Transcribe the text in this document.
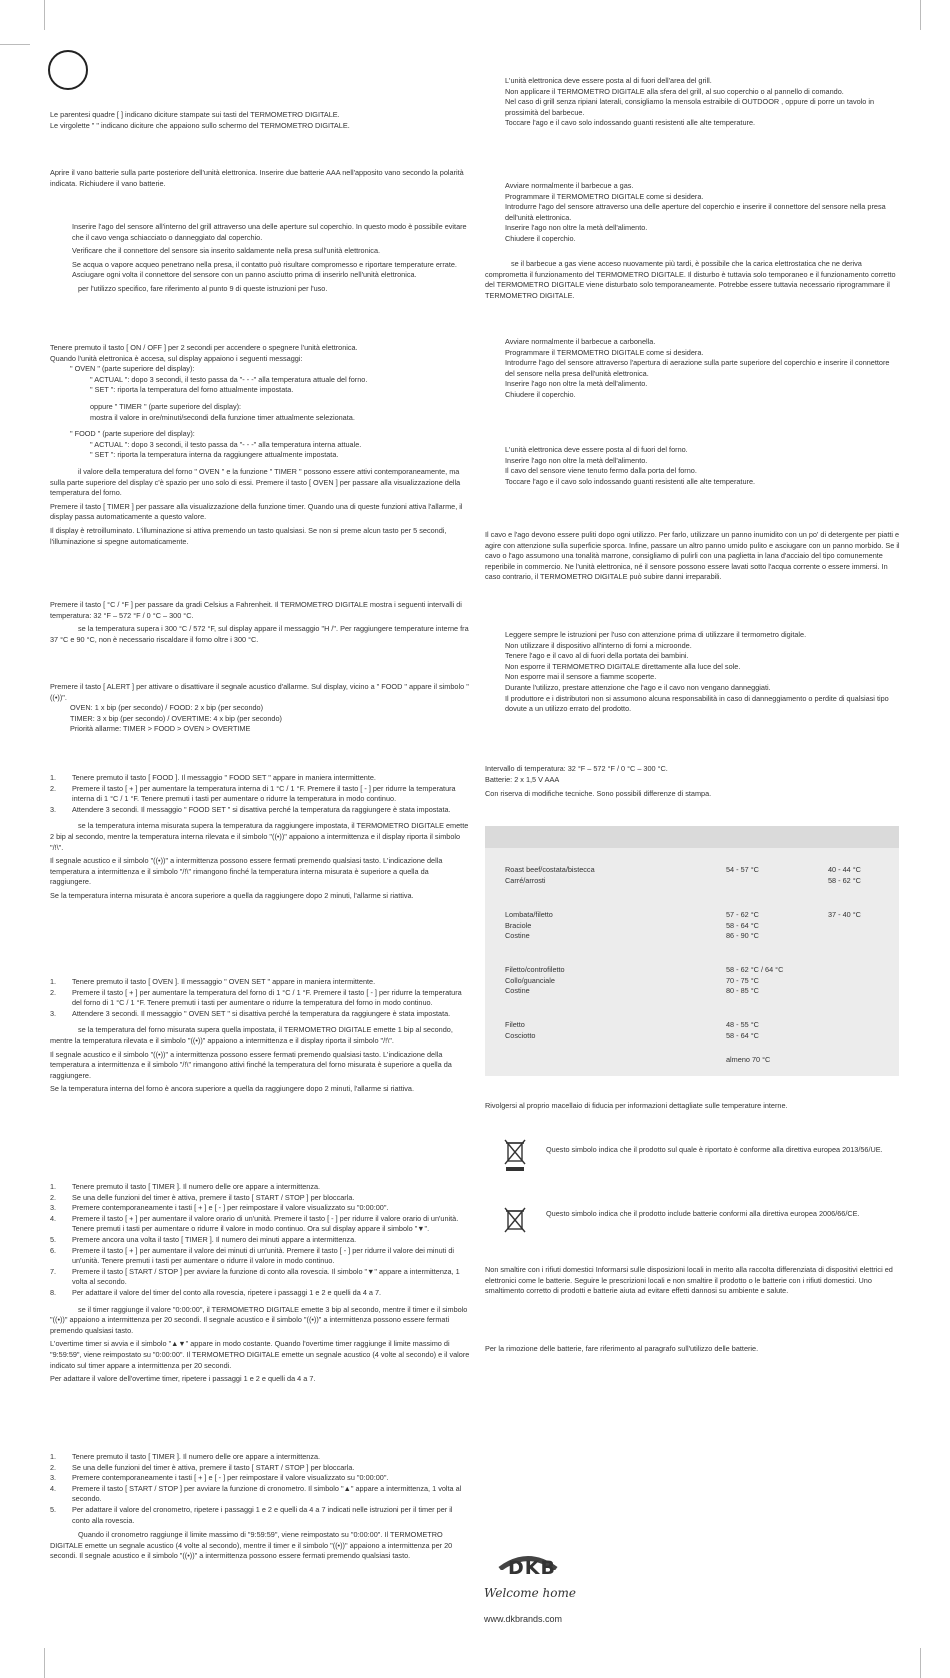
Le parentesi quadre [ ] indicano diciture stampate sui tasti del TERMOMETRO DIGITALE.

Le virgolette " " indicano diciture che appaiono sullo schermo del TERMOMETRO DIGITALE.

Aprire il vano batterie sulla parte posteriore dell'unità elettronica. Inserire due batterie AAA nell'apposito vano secondo la polarità indicata. Richiudere il vano batterie.

Inserire l'ago del sensore all'interno del grill attraverso una delle aperture sul coperchio. In questo modo è possibile evitare che il cavo venga schiacciato o danneggiato dal coperchio.

Verificare che il connettore del sensore sia inserito saldamente nella presa sull'unità elettronica.

Se acqua o vapore acqueo penetrano nella presa, il contatto può risultare compromesso e riportare temperature errate. Asciugare ogni volta il connettore del sensore con un panno asciutto prima di inserirlo nell'unità elettronica.

per l'utilizzo specifico, fare riferimento al punto 9 di queste istruzioni per l'uso.

Tenere premuto il tasto [ ON / OFF ] per 2 secondi per accendere o spegnere l'unità elettronica.

Quando l'unità elettronica è accesa, sul display appaiono i seguenti messaggi:

" OVEN " (parte superiore del display):

" ACTUAL ": dopo 3 secondi, il testo passa da "- - -" alla temperatura attuale del forno.

" SET ": riporta la temperatura del forno attualmente impostata.

oppure " TIMER " (parte superiore del display):

mostra il valore in ore/minuti/secondi della funzione timer attualmente selezionata.

" FOOD " (parte superiore del display):

" ACTUAL ": dopo 3 secondi, il testo passa da "- - -" alla temperatura interna attuale.

" SET ": riporta la temperatura interna da raggiungere attualmente impostata.

il valore della temperatura del forno " OVEN " e la funzione " TIMER " possono essere attivi contemporaneamente, ma sulla parte superiore del display c'è spazio per uno solo di essi. Premere il tasto [ OVEN ] per passare alla visualizzazione della temperatura del forno.

Premere il tasto [ TIMER ] per passare alla visualizzazione della funzione timer. Quando una di queste funzioni attiva l'allarme, il display passa automaticamente a questo valore.

Il display è retroilluminato. L'illuminazione si attiva premendo un tasto qualsiasi. Se non si preme alcun tasto per 5 secondi, l'illuminazione si spegne automaticamente.

Premere il tasto [ °C / °F ] per passare da gradi Celsius a Fahrenheit. Il TERMOMETRO DIGITALE mostra i seguenti intervalli di temperatura: 32 °F – 572 °F / 0 °C – 300 °C.

se la temperatura supera i 300 °C / 572 °F, sul display appare il messaggio "H /". Per raggiungere temperature interne fra 37 °C e 90 °C, non è necessario riscaldare il forno oltre i 300 °C.

Premere il tasto [ ALERT ] per attivare o disattivare il segnale acustico d'allarme. Sul display, vicino a " FOOD " appare il simbolo "((•))".

OVEN: 1 x bip (per secondo) / FOOD: 2 x bip (per secondo)

TIMER: 3 x bip (per secondo) / OVERTIME: 4 x bip (per secondo)

Priorità allarme: TIMER > FOOD > OVEN > OVERTIME

1. Tenere premuto il tasto [ FOOD ]. Il messaggio " FOOD SET " appare in maniera intermittente.
2. Premere il tasto [ + ] per aumentare la temperatura interna di 1 °C / 1 °F. Premere il tasto [ - ] per ridurre la temperatura interna di 1 °C / 1 °F. Tenere premuti i tasti per aumentare o ridurre la temperatura in modo continuo.
3. Attendere 3 secondi. Il messaggio " FOOD SET " si disattiva perché la temperatura da raggiungere è stata impostata.

se la temperatura interna misurata supera la temperatura da raggiungere impostata, il TERMOMETRO DIGITALE emette 2 bip al secondo, mentre la temperatura interna rilevata e il simbolo "((•))" appaiono a intermittenza e il display riporta il simbolo "/!\".

Il segnale acustico e il simbolo "((•))" a intermittenza possono essere fermati premendo qualsiasi tasto. L'indicazione della temperatura a intermittenza e il simbolo "/!\" rimangono finché la temperatura interna misurata è superiore a quella da raggiungere.

Se la temperatura interna misurata è ancora superiore a quella da raggiungere dopo 2 minuti, l'allarme si riattiva.

1. Tenere premuto il tasto [ OVEN ]. Il messaggio " OVEN SET " appare in maniera intermittente.
2. Premere il tasto [ + ] per aumentare la temperatura del forno di 1 °C / 1 °F. Premere il tasto [ - ] per ridurre la temperatura del forno di 1 °C / 1 °F. Tenere premuti i tasti per aumentare o ridurre la temperatura del forno in modo continuo.
3. Attendere 3 secondi. Il messaggio " OVEN SET " si disattiva perché la temperatura da raggiungere è stata impostata.

se la temperatura del forno misurata supera quella impostata, il TERMOMETRO DIGITALE emette 1 bip al secondo, mentre la temperatura rilevata e il simbolo "((•))" appaiono a intermittenza e il display riporta il simbolo "/!\".

Il segnale acustico e il simbolo "((•))" a intermittenza possono essere fermati premendo qualsiasi tasto. L'indicazione della temperatura a intermittenza e il simbolo "/!\" rimangono attivi finché la temperatura del forno misurata è superiore a quella da raggiungere.

Se la temperatura interna del forno è ancora superiore a quella da raggiungere dopo 2 minuti, l'allarme si riattiva.

1. Tenere premuto il tasto [ TIMER ]. Il numero delle ore appare a intermittenza.
2. Se una delle funzioni del timer è attiva, premere il tasto [ START / STOP ] per bloccarla.
3. Premere contemporaneamente i tasti [ + ] e [ - ] per reimpostare il valore visualizzato su "0:00:00".
4. Premere il tasto [ + ] per aumentare il valore orario di un'unità. Premere il tasto [ - ] per ridurre il valore orario di un'unità. Tenere premuti i tasti per aumentare o ridurre il valore in modo continuo. Ora sul display appare il simbolo "▼".
5. Premere ancora una volta il tasto [ TIMER ]. Il numero dei minuti appare a intermittenza.
6. Premere il tasto [ + ] per aumentare il valore dei minuti di un'unità. Premere il tasto [ - ] per ridurre il valore dei minuti di un'unità. Tenere premuti i tasti per aumentare o ridurre il valore in modo continuo.
7. Premere il tasto [ START / STOP ] per avviare la funzione di conto alla rovescia. Il simbolo "▼" appare a intermittenza, 1 volta al secondo.
8. Per adattare il valore del timer del conto alla rovescia, ripetere i passaggi 1 e 2 e quelli da 4 a 7.

se il timer raggiunge il valore "0:00:00", il TERMOMETRO DIGITALE emette 3 bip al secondo, mentre il timer e il simbolo "((•))" appaiono a intermittenza per 20 secondi. Il segnale acustico e il simbolo "((•))" a intermittenza possono essere fermati premendo qualsiasi tasto.

L'overtime timer si avvia e il simbolo "▲▼" appare in modo costante. Quando l'overtime timer raggiunge il limite massimo di "9:59:59", viene reimpostato su "0:00:00". Il TERMOMETRO DIGITALE emette un segnale acustico (4 volte al secondo) e il valore indicato sul timer appare a intermittenza per 20 secondi.

Per adattare il valore dell'overtime timer, ripetere i passaggi 1 e 2 e quelli da 4 a 7.

1. Tenere premuto il tasto [ TIMER ]. Il numero delle ore appare a intermittenza.
2. Se una delle funzioni del timer è attiva, premere il tasto [ START / STOP ] per bloccarla.
3. Premere contemporaneamente i tasti [ + ] e [ - ] per reimpostare il valore visualizzato su "0:00:00".
4. Premere il tasto [ START / STOP ] per avviare la funzione di cronometro. Il simbolo "▲" appare a intermittenza, 1 volta al secondo.
5. Per adattare il valore del cronometro, ripetere i passaggi 1 e 2 e quelli da 4 a 7 indicati nelle istruzioni per il timer per il conto alla rovescia.

Quando il cronometro raggiunge il limite massimo di "9:59:59", viene reimpostato su "0:00:00". Il TERMOMETRO DIGITALE emette un segnale acustico (4 volte al secondo), mentre il timer e il simbolo "((•))" appaiono a intermittenza per 20 secondi. Il segnale acustico e il simbolo "((•))" a intermittenza possono essere fermati premendo qualsiasi tasto.

L'unità elettronica deve essere posta al di fuori dell'area del grill.

Non applicare il TERMOMETRO DIGITALE alla sfera del grill, al suo coperchio o al pannello di comando.

Nel caso di grill senza ripiani laterali, consigliamo la mensola estraibile di OUTDOOR , oppure di porre un tavolo in prossimità del barbecue.

Toccare l'ago e il cavo solo indossando guanti resistenti alle alte temperature.

Avviare normalmente il barbecue a gas.

Programmare il TERMOMETRO DIGITALE come si desidera.

Introdurre l'ago del sensore attraverso una delle aperture del coperchio e inserire il connettore del sensore nella presa dell'unità elettronica.

Inserire l'ago non oltre la metà dell'alimento.

Chiudere il coperchio.

se il barbecue a gas viene acceso nuovamente più tardi, è possibile che la carica elettrostatica che ne deriva comprometta il funzionamento del TERMOMETRO DIGITALE. Il disturbo è tuttavia solo temporaneo e il funzionamento corretto del TERMOMETRO DIGITALE viene disturbato solo temporaneamente. Potrebbe essere tuttavia necessario riprogrammare il TERMOMETRO DIGITALE.

Avviare normalmente il barbecue a carbonella.

Programmare il TERMOMETRO DIGITALE come si desidera.

Introdurre l'ago del sensore attraverso l'apertura di aerazione sulla parte superiore del coperchio e inserire il connettore del sensore nella presa dell'unità elettronica.

Inserire l'ago non oltre la metà dell'alimento.

Chiudere il coperchio.

L'unità elettronica deve essere posta al di fuori del forno.

Inserire l'ago non oltre la metà dell'alimento.

Il cavo del sensore viene tenuto fermo dalla porta del forno.

Toccare l'ago e il cavo solo indossando guanti resistenti alle alte temperature.

Il cavo e l'ago devono essere puliti dopo ogni utilizzo. Per farlo, utilizzare un panno inumidito con un po' di detergente per piatti e agire con attenzione sulla superficie sporca. Infine, passare un altro panno umido pulito e asciugare con un panno morbido. Se il cavo o l'ago assumono una tonalità marrone, consigliamo di pulirli con una paglietta in lana d'acciaio del tipo comunemente reperibile in commercio. Ne l'unità elettronica, né il sensore possono essere lavati sotto l'acqua corrente o essere immersi. In caso contrario, il TERMOMETRO DIGITALE può subire danni irreparabili.

Leggere sempre le istruzioni per l'uso con attenzione prima di utilizzare il termometro digitale.

Non utilizzare il dispositivo all'interno di forni a microonde.

Tenere l'ago e il cavo al di fuori della portata dei bambini.

Non esporre il TERMOMETRO DIGITALE direttamente alla luce del sole.

Non esporre mai il sensore a fiamme scoperte.

Durante l'utilizzo, prestare attenzione che l'ago e il cavo non vengano danneggiati.

Il produttore e i distributori non si assumono alcuna responsabilità in caso di danneggiamento o perdite di qualsiasi tipo dovute a un utilizzo errato del prodotto.

Intervallo di temperatura: 32 °F – 572 °F / 0 °C – 300 °C.

Batterie: 2 x 1,5 V AAA

Con riserva di modifiche tecniche. Sono possibili differenze di stampa.

Roast beef/costata/bistecca

Carré/arrosti

54 - 57 °C	40 - 44 °C

58 - 62 °C

Lombata/filetto

Braciole

Costine

57 - 62 °C

58 - 64 °C

86 - 90 °C

37 - 40 °C

Filetto/controfiletto

Collo/guanciale

Costine

58 - 62 °C / 64 °C

70 - 75 °C

80 - 85 °C

Filetto

Cosciotto

48 - 55 °C

58 - 64 °C

almeno 70 °C

Rivolgersi al proprio macellaio di fiducia per informazioni dettagliate sulle temperature interne.

Questo simbolo indica che il prodotto sul quale è riportato è conforme alla direttiva europea 2013/56/UE.

Questo simbolo indica che il prodotto include batterie conformi alla direttiva europea 2006/66/CE.

Non smaltire con i rifiuti domestici Informarsi sulle disposizioni locali in merito alla raccolta differenziata di dispositivi elettrici ed elettronici come le batterie. Seguire le prescrizioni locali e non smaltire il prodotto o le batterie con i rifiuti domestici. Uno smaltimento corretto di prodotti e batterie aiuta ad evitare effetti dannosi su ambiente e salute.

Per la rimozione delle batterie, fare riferimento al paragrafo sull'utilizzo delle batterie.

DKB
Welcome home
www.dkbrands.com
